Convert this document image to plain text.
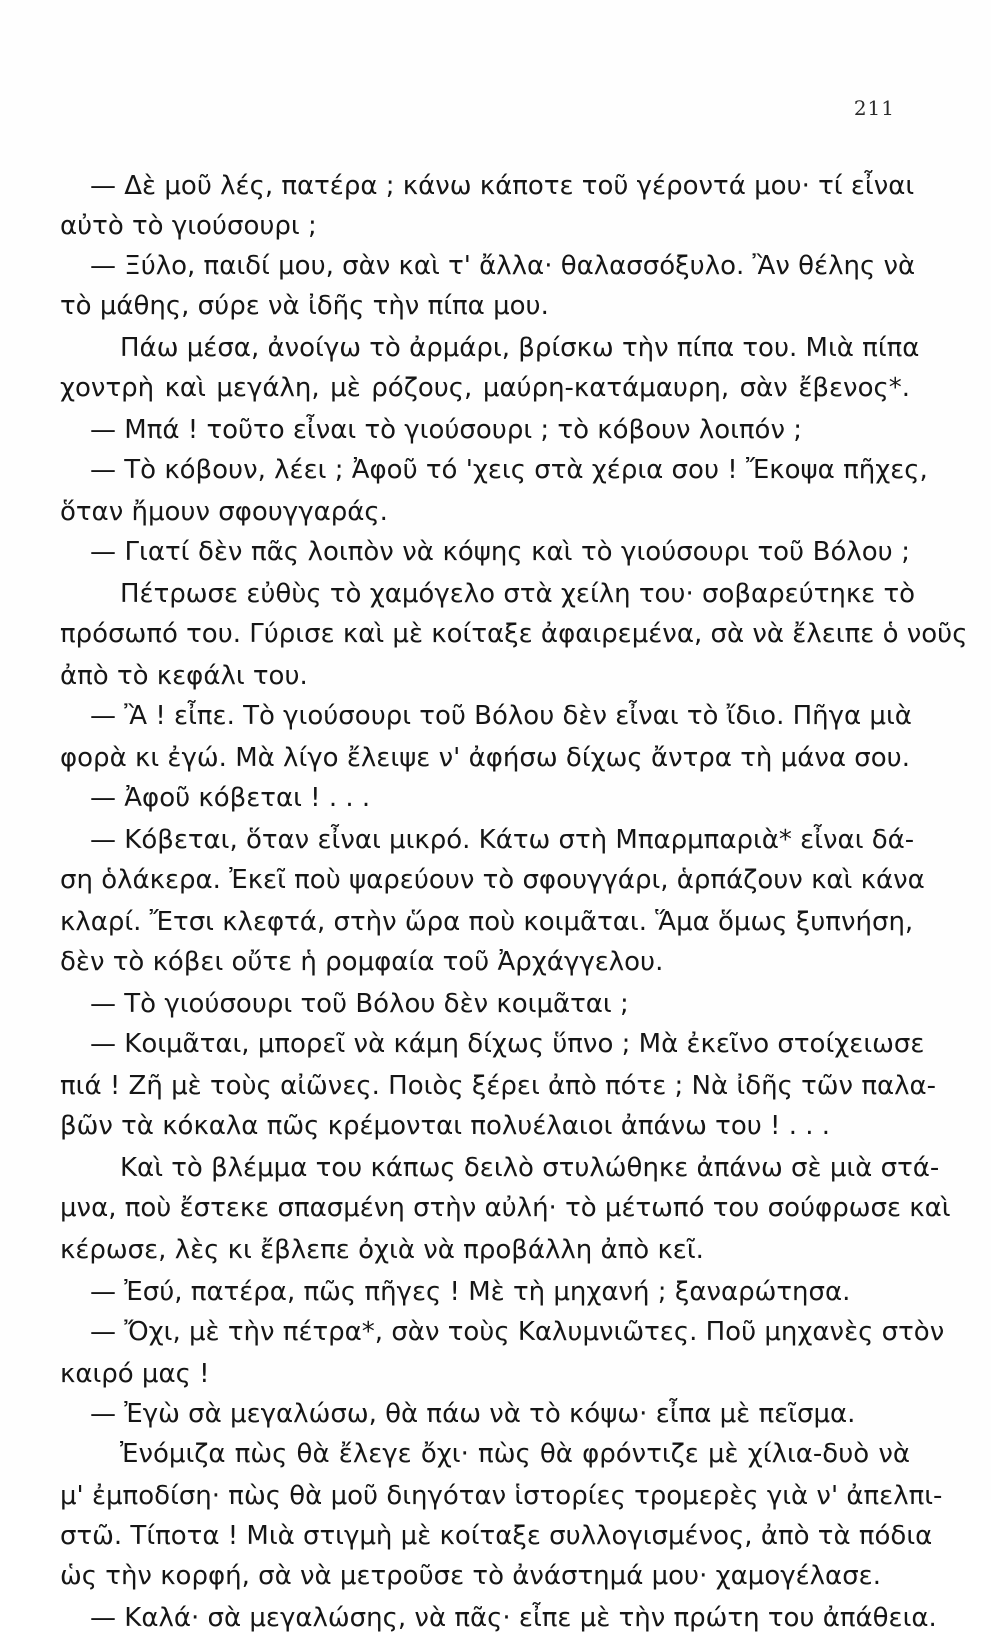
211
— Δὲ μοῦ λές, πατέρα ; κάνω κάποτε τοῦ γέροντά μου· τί εἶναι
αὐτὸ τὸ γιούσουρι ;
— Ξύλο, παιδί μου, σὰν καὶ τ' ἄλλα· θαλασσόξυλο. Ἂν θέλης νὰ
τὸ μάθης, σύρε νὰ ἰδῆς τὴν πίπα μου.
Πάω μέσα, ἀνοίγω τὸ ἀρμάρι, βρίσκω τὴν πίπα του. Μιὰ πίπα
χοντρὴ καὶ μεγάλη, μὲ ρόζους, μαύρη-κατάμαυρη, σὰν ἔβενος*.
— Μπά ! τοῦτο εἶναι τὸ γιούσουρι ; τὸ κόβουν λοιπόν ;
— Τὸ κόβουν, λέει ; Ἀφοῦ τό 'χεις στὰ χέρια σου ! Ἔκοψα πῆχες,
ὅταν ἤμουν σφουγγαράς.
— Γιατί δὲν πᾶς λοιπὸν νὰ κόψης καὶ τὸ γιούσουρι τοῦ Βόλου ;
Πέτρωσε εὐθὺς τὸ χαμόγελο στὰ χείλη του· σοβαρεύτηκε τὸ
πρόσωπό του. Γύρισε καὶ μὲ κοίταξε ἀφαιρεμένα, σὰ νὰ ἔλειπε ὁ νοῦς
ἀπὸ τὸ κεφάλι του.
— Ἂ ! εἶπε. Τὸ γιούσουρι τοῦ Βόλου δὲν εἶναι τὸ ἴδιο. Πῆγα μιὰ
φορὰ κι ἐγώ. Μὰ λίγο ἔλειψε ν' ἀφήσω δίχως ἄντρα τὴ μάνα σου.
— Ἀφοῦ κόβεται ! . . .
— Κόβεται, ὅταν εἶναι μικρό. Κάτω στὴ Μπαρμπαριὰ* εἶναι δά-
ση ὁλάκερα. Ἐκεῖ ποὺ ψαρεύουν τὸ σφουγγάρι, ἁρπάζουν καὶ κάνα
κλαρί. Ἔτσι κλεφτά, στὴν ὥρα ποὺ κοιμᾶται. Ἅμα ὅμως ξυπνήση,
δὲν τὸ κόβει οὔτε ἡ ρομφαία τοῦ Ἀρχάγγελου.
— Τὸ γιούσουρι τοῦ Βόλου δὲν κοιμᾶται ;
— Κοιμᾶται, μπορεῖ νὰ κάμη δίχως ὕπνο ; Μὰ ἐκεῖνο στοίχειωσε
πιά ! Ζῆ μὲ τοὺς αἰῶνες. Ποιὸς ξέρει ἀπὸ πότε ; Νὰ ἰδῆς τῶν παλα-
βῶν τὰ κόκαλα πῶς κρέμονται πολυέλαιοι ἀπάνω του ! . . .
Καὶ τὸ βλέμμα του κάπως δειλὸ στυλώθηκε ἀπάνω σὲ μιὰ στά-
μνα, ποὺ ἔστεκε σπασμένη στὴν αὐλή· τὸ μέτωπό του σούφρωσε καὶ
κέρωσε, λὲς κι ἔβλεπε ὀχιὰ νὰ προβάλλη ἀπὸ κεῖ.
— Ἐσύ, πατέρα, πῶς πῆγες ! Μὲ τὴ μηχανή ; ξαναρώτησα.
— Ὄχι, μὲ τὴν πέτρα*, σὰν τοὺς Καλυμνιῶτες. Ποῦ μηχανὲς στὸν
καιρό μας !
— Ἐγὼ σὰ μεγαλώσω, θὰ πάω νὰ τὸ κόψω· εἶπα μὲ πεῖσμα.
Ἐνόμιζα πὼς θὰ ἔλεγε ὄχι· πὼς θὰ φρόντιζε μὲ χίλια-δυὸ νὰ
μ' ἐμποδίση· πὼς θὰ μοῦ διηγόταν ἱστορίες τρομερὲς γιὰ ν' ἀπελπι-
στῶ. Τίποτα ! Μιὰ στιγμὴ μὲ κοίταξε συλλογισμένος, ἀπὸ τὰ πόδια
ὡς τὴν κορφή, σὰ νὰ μετροῦσε τὸ ἀνάστημά μου· χαμογέλασε.
— Καλά· σὰ μεγαλώσης, νὰ πᾶς· εἶπε μὲ τὴν πρώτη του ἀπάθεια.
